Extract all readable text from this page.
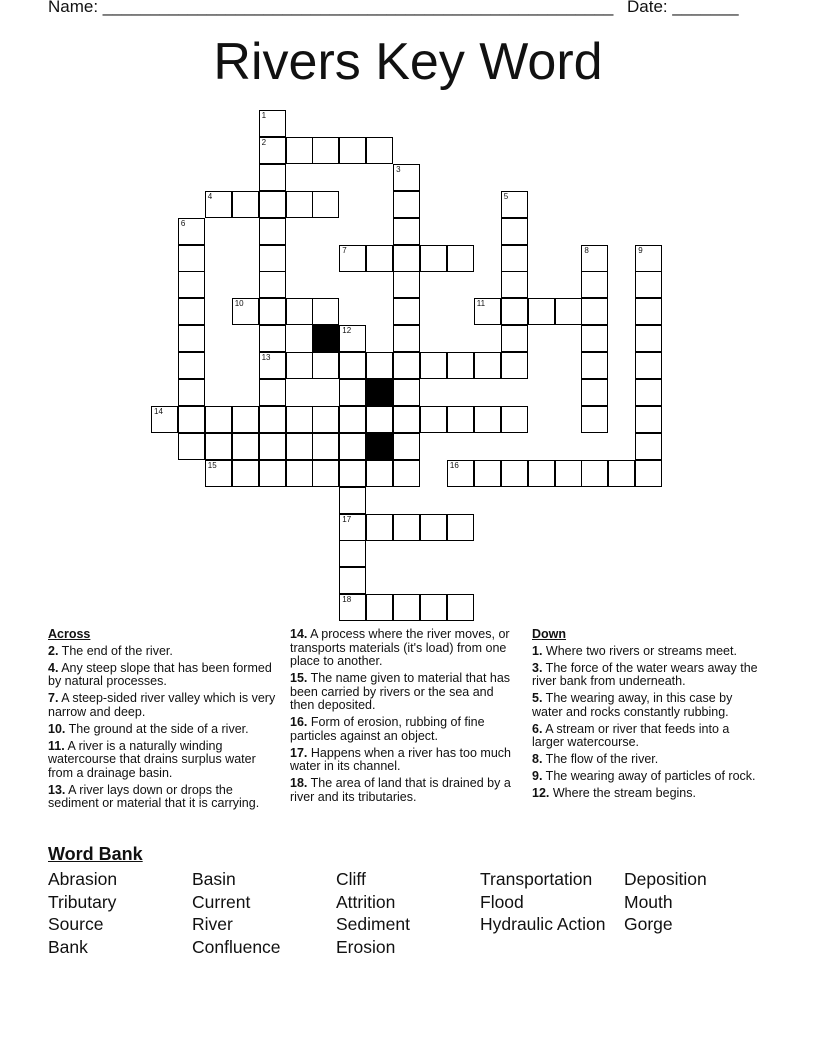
Name: ______________________________________________________ Date: _______
Rivers Key Word
1
2
13
3
4	5
6
7	8	9
10	11
12
17
18
14
15	16
Across
2. The end of the river.
4. Any steep slope that has been formed by natural processes.
7. A steep-sided river valley which is very narrow and deep.
10. The ground at the side of a river.
11. A river is a naturally winding watercourse that drains surplus water from a drainage basin.
13. A river lays down or drops the sediment or material that it is carrying.
14. A process where the river moves, or transports materials (it's load) from one place to another.
15. The name given to material that has been carried by rivers or the sea and then deposited.
16. Form of erosion, rubbing of fine particles against an object.
17. Happens when a river has too much water in its channel.
18. The area of land that is drained by a river and its tributaries.
Down
1. Where two rivers or streams meet.
3. The force of the water wears away the river bank from underneath.
5. The wearing away, in this case by water and rocks constantly rubbing.
6. A stream or river that feeds into a larger watercourse.
8. The flow of the river.
9. The wearing away of particles of rock.
12. Where the stream begins.
Word Bank
Abrasion	Basin	Cliff	Transportation	Deposition
Tributary	Current	Attrition	Flood	Mouth
Source	River	Sediment	Hydraulic Action	Gorge
Bank	Confluence	Erosion
